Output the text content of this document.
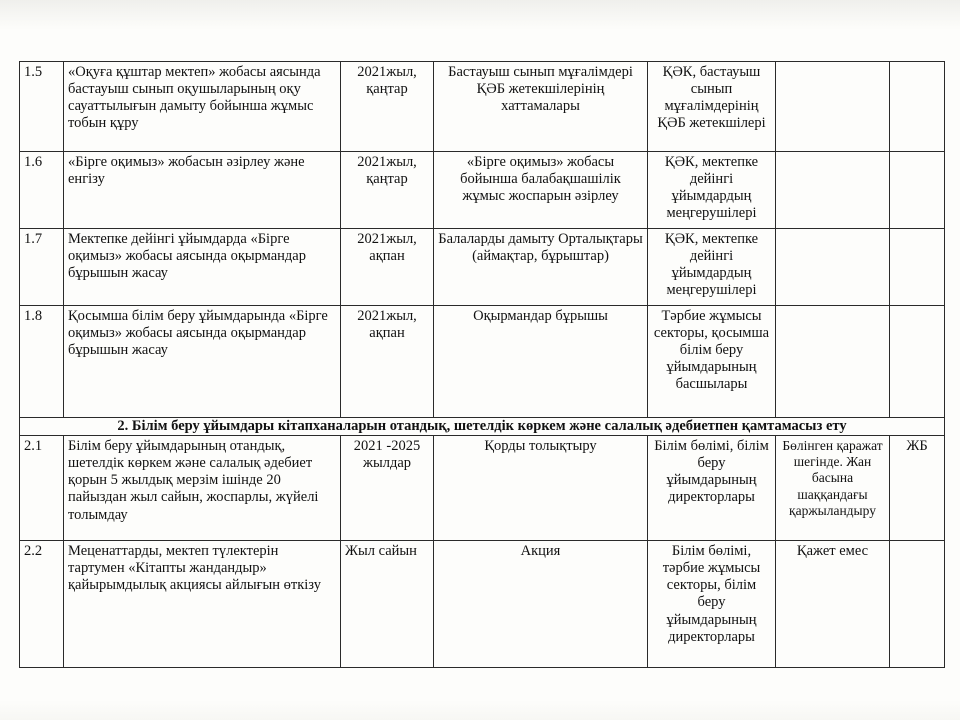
1.5	«Оқуға құштар мектеп» жобасы аясында бастауыш сынып оқушыларының оқу сауаттылығын дамыту бойынша жұмыс тобын құру	2021жыл, қаңтар	Бастауыш сынып мұғалімдері ҚӘБ жетекшілерінің хаттамалары	ҚӘК, бастауыш сынып мұғалімдерінің ҚӘБ жетекшілері		
1.6	«Бірге оқимыз» жобасын әзірлеу және енгізу	2021жыл, қаңтар	«Бірге оқимыз» жобасы бойынша балабақшашілік жұмыс жоспарын әзірлеу	ҚӘК, мектепке дейінгі ұйымдардың меңгерушілері		
1.7	Мектепке дейінгі ұйымдарда «Бірге оқимыз» жобасы аясында оқырмандар бұрышын жасау	2021жыл, ақпан	Балаларды дамыту Орталықтары (аймақтар, бұрыштар)	ҚӘК, мектепке дейінгі ұйымдардың меңгерушілері		
1.8	Қосымша білім беру ұйымдарында «Бірге оқимыз» жобасы аясында оқырмандар бұрышын жасау	2021жыл, ақпан	Оқырмандар бұрышы	Тәрбие жұмысы секторы, қосымша білім беру ұйымдарының басшылары		
2. Білім беру ұйымдары кітапханаларын отандық, шетелдік көркем және салалық әдебиетпен қамтамасыз ету						
2.1	Білім беру ұйымдарының отандық, шетелдік көркем және салалық әдебиет қорын 5 жылдық мерзім ішінде 20 пайыздан жыл сайын, жоспарлы, жүйелі толымдау	2021 -2025 жылдар	Қорды толықтыру	Білім бөлімі, білім беру ұйымдарының директорлары	Бөлінген қаражат шегінде. Жан басына шаққандағы қаржыландыру	ЖБ
2.2	Меценаттарды, мектеп түлектерін тартумен «Кітапты жандандыр» қайырымдылық акциясы айлығын өткізу	Жыл сайын	Акция	Білім бөлімі, тәрбие жұмысы секторы, білім беру ұйымдарының директорлары	Қажет емес	
